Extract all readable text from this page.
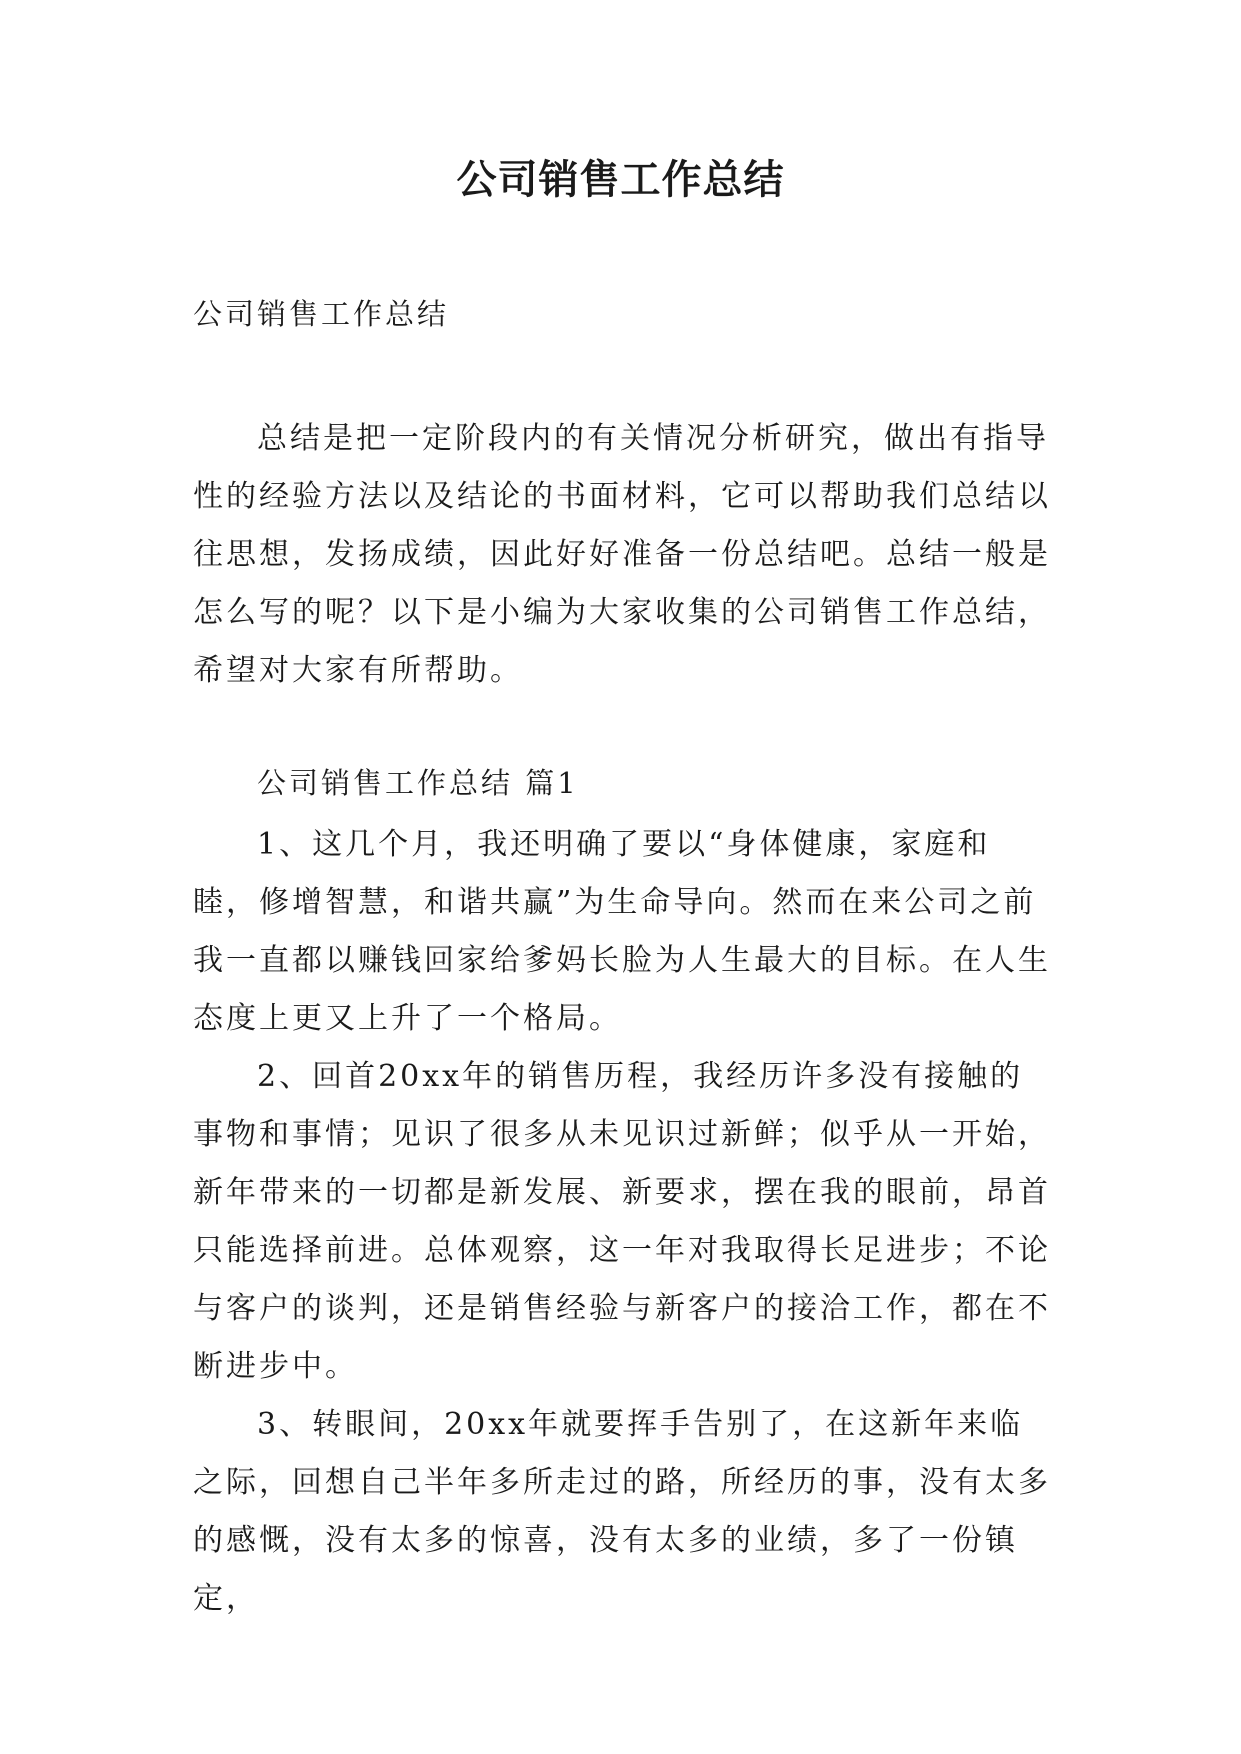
公司销售工作总结

公司销售工作总结

总结是把一定阶段内的有关情况分析研究，做出有指导性的经验方法以及结论的书面材料，它可以帮助我们总结以往思想，发扬成绩，因此好好准备一份总结吧。总结一般是怎么写的呢？以下是小编为大家收集的公司销售工作总结，希望对大家有所帮助。

公司销售工作总结 篇1

1、这几个月，我还明确了要以“身体健康，家庭和睦，修增智慧，和谐共赢”为生命导向。然而在来公司之前我一直都以赚钱回家给爹妈长脸为人生最大的目标。在人生态度上更又上升了一个格局。

2、回首20xx年的销售历程，我经历许多没有接触的事物和事情；见识了很多从未见识过新鲜；似乎从一开始，新年带来的一切都是新发展、新要求，摆在我的眼前，昂首只能选择前进。总体观察，这一年对我取得长足进步；不论与客户的谈判，还是销售经验与新客户的接洽工作，都在不断进步中。

3、转眼间，20xx年就要挥手告别了，在这新年来临之际，回想自己半年多所走过的路，所经历的事，没有太多的感慨，没有太多的惊喜，没有太多的业绩，多了一份镇定，
